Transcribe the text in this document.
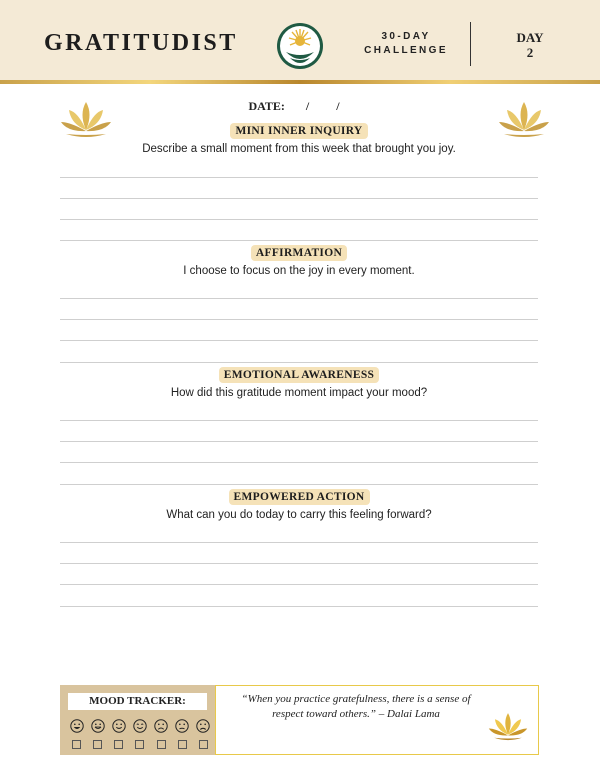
GRATITUDIST	30-DAY
CHALLENGE
DAY
2
DATE: / /
MINI INNER INQUIRY
Describe a small moment from this week that brought you joy.
AFFIRMATION
I choose to focus on the joy in every moment.
EMOTIONAL AWARENESS
How did this gratitude moment impact your mood?
EMPOWERED ACTION
What can you do today to carry this feeling forward?
MOOD TRACKER:	“When you practice gratefulness, there is a sense of respect toward others.” – Dalai Lama
